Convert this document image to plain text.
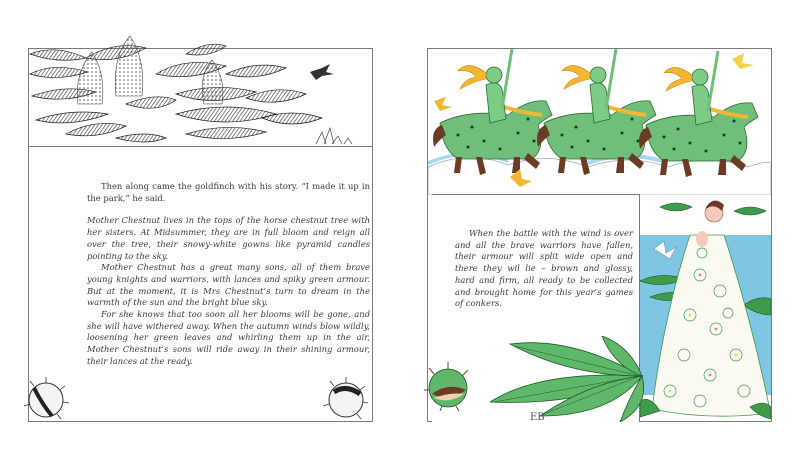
Then along came the goldfinch with his story. “I made it up in the park,” he said.

Mother Chestnut lives in the tops of the horse chestnut tree with her sisters. At Midsummer, they are in full bloom and reign all over the tree, their snowy-white gowns like pyramid candles pointing to the sky.

Mother Chestnut has a great many sons, all of them brave young knights and warriors, with lances and spiky green armour. But at the moment, it is Mrs Chestnut’s turn to dream in the warmth of the sun and the bright blue sky.

For she knows that too soon all her blooms will be gone, and she will have withered away. When the autumn winds blow wildly, loosening her green leaves and whirling them up in the air, Mother Chestnut’s sons will ride away in their shining armour, their lances at the ready.

When the battle with the wind is over and all the brave warriors have fallen, their armour will split wide open and there they wil lie – brown and glossy, hard and firm, all ready to be collected and brought home for this year’s games of conkers.

EB
